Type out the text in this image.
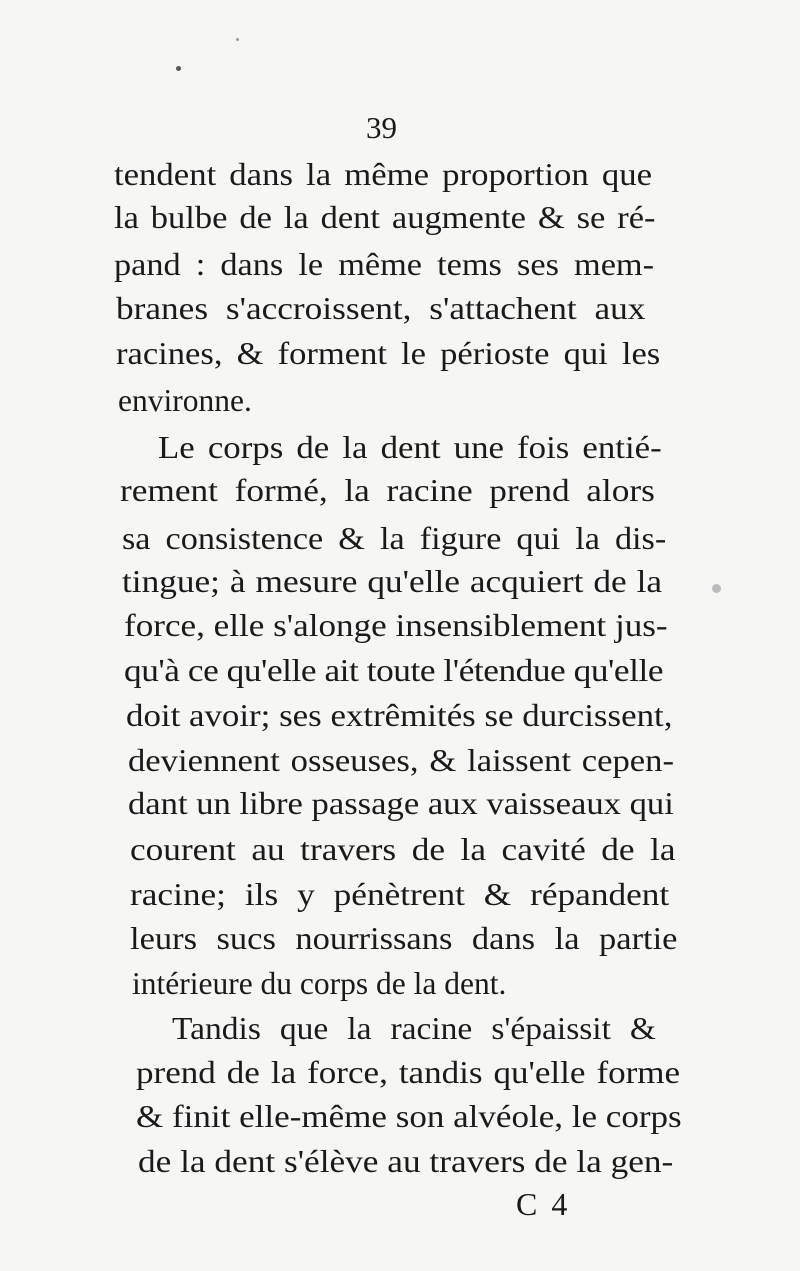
39
tendent dans la même proportion que
la bulbe de la dent augmente & se ré-
pand : dans le même tems ses mem-
branes s'accroissent, s'attachent aux
racines, & forment le périoste qui les
environne.
Le corps de la dent une fois entié-
rement formé, la racine prend alors
sa consistence & la figure qui la dis-
tingue; à mesure qu'elle acquiert de la
force, elle s'alonge insensiblement jus-
qu'à ce qu'elle ait toute l'étendue qu'elle
doit avoir; ses extrêmités se durcissent,
deviennent osseuses, & laissent cepen-
dant un libre passage aux vaisseaux qui
courent au travers de la cavité de la
racine; ils y pénètrent & répandent
leurs sucs nourrissans dans la partie
intérieure du corps de la dent.
Tandis que la racine s'épaissit &
prend de la force, tandis qu'elle forme
& finit elle-même son alvéole, le corps
de la dent s'élève au travers de la gen-
C 4
